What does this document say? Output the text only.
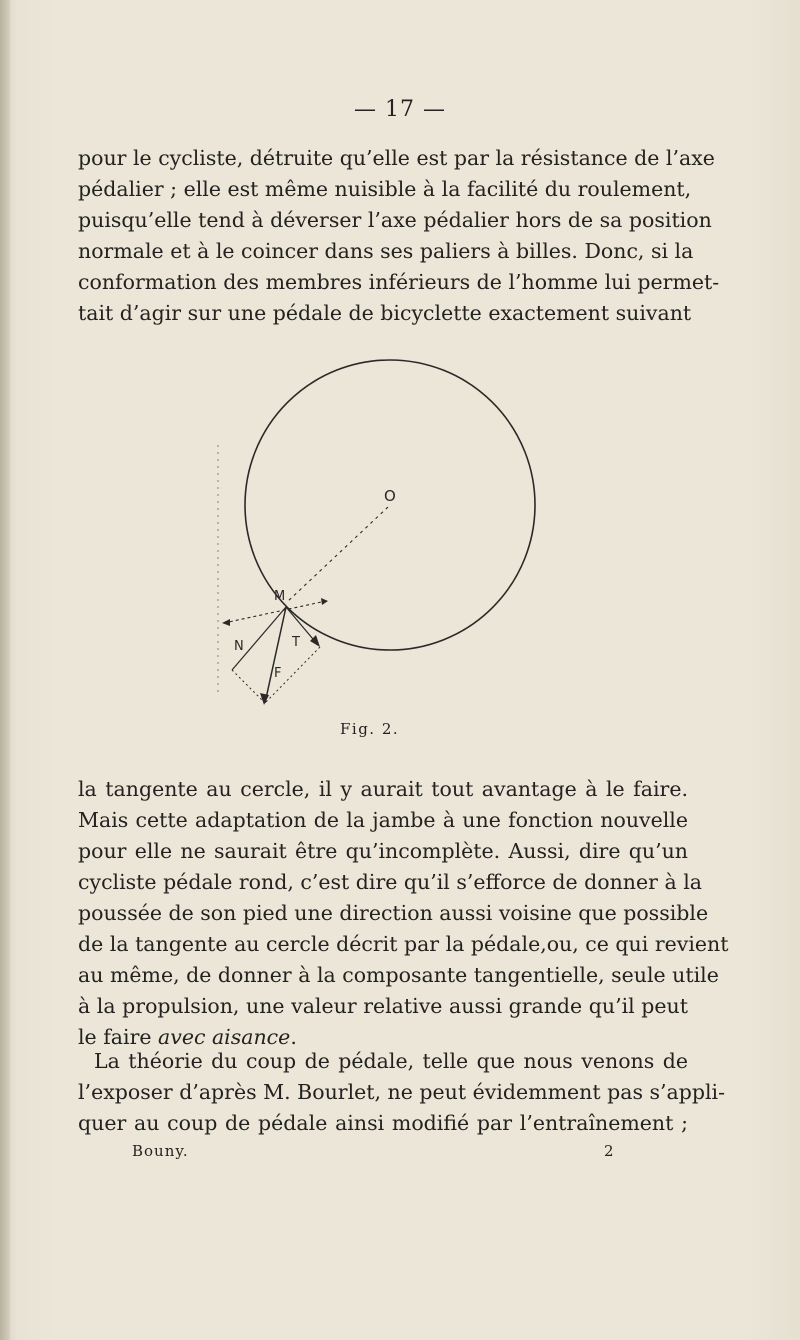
— 17 —
pour le cycliste, détruite qu’elle est par la résistance de l’axe
pédalier ; elle est même nuisible à la facilité du roulement,
puisqu’elle tend à déverser l’axe pédalier hors de sa position
normale et à le coincer dans ses paliers à billes. Donc, si la
conformation des membres inférieurs de l’homme lui permet-
tait d’agir sur une pédale de bicyclette exactement suivant
O
M
N	T
F
Fig. 2.
la tangente au cercle, il y aurait tout avantage à le faire.
Mais cette adaptation de la jambe à une fonction nouvelle
pour elle ne saurait être qu’incomplète. Aussi, dire qu’un
cycliste pédale rond, c’est dire qu’il s’efforce de donner à la
poussée de son pied une direction aussi voisine que possible
de la tangente au cercle décrit par la pédale,ou, ce qui revient
au même, de donner à la composante tangentielle, seule utile
à la propulsion, une valeur relative aussi grande qu’il peut
le faire avec aisance.
La théorie du coup de pédale, telle que nous venons de
l’exposer d’après M. Bourlet, ne peut évidemment pas s’appli-
quer au coup de pédale ainsi modifié par l’entraînement ;
Bouny.	2
